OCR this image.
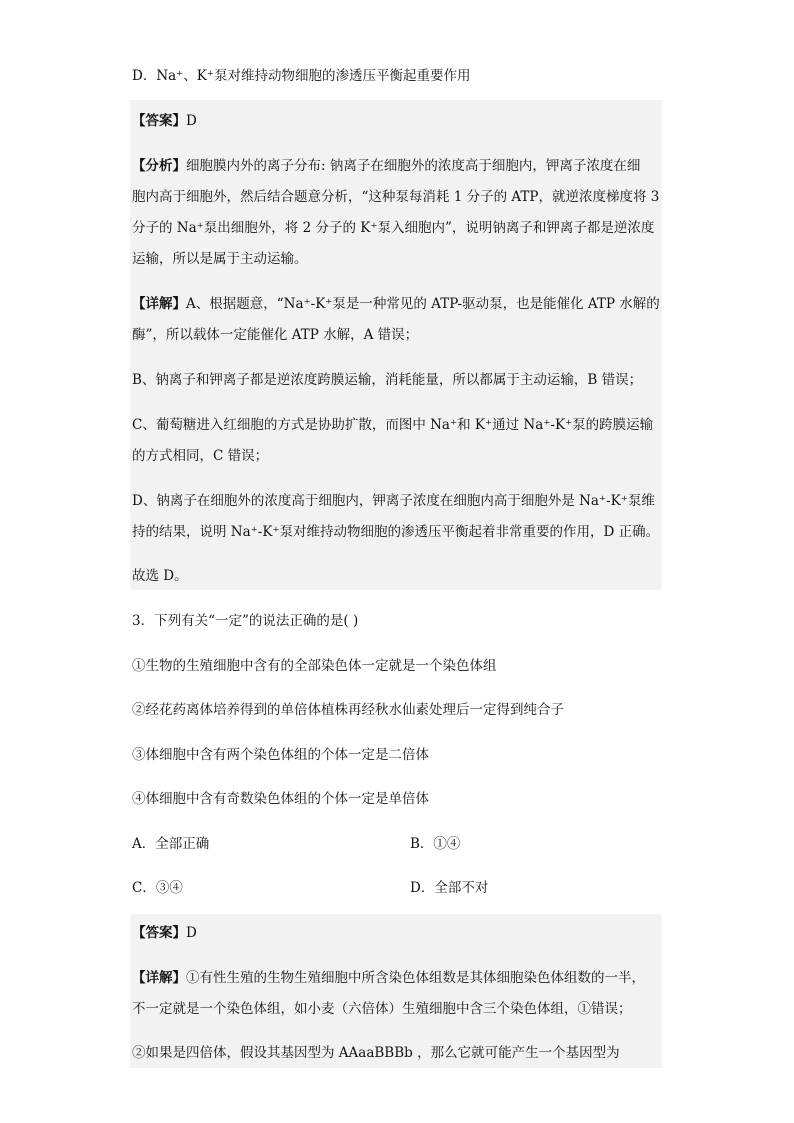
D．Na⁺、K⁺泵对维持动物细胞的渗透压平衡起重要作用
【答案】D
【分析】细胞膜内外的离子分布: 钠离子在细胞外的浓度高于细胞内，钾离子浓度在细
胞内高于细胞外，然后结合题意分析，“这种泵每消耗 1 分子的 ATP，就逆浓度梯度将 3
分子的 Na⁺泵出细胞外，将 2 分子的 K⁺泵入细胞内”，说明钠离子和钾离子都是逆浓度
运输，所以是属于主动运输。
【详解】A、根据题意，“Na⁺-K⁺泵是一种常见的 ATP-驱动泵，也是能催化 ATP 水解的
酶”，所以载体一定能催化 ATP 水解，A 错误；
B、钠离子和钾离子都是逆浓度跨膜运输，消耗能量，所以都属于主动运输，B 错误；
C、葡萄糖进入红细胞的方式是协助扩散，而图中 Na⁺和 K⁺通过 Na⁺-K⁺泵的跨膜运输
的方式相同，C 错误；
D、钠离子在细胞外的浓度高于细胞内，钾离子浓度在细胞内高于细胞外是 Na⁺-K⁺泵维
持的结果，说明 Na⁺-K⁺泵对维持动物细胞的渗透压平衡起着非常重要的作用，D 正确。
故选 D。
3．下列有关“一定”的说法正确的是( )
①生物的生殖细胞中含有的全部染色体一定就是一个染色体组
②经花药离体培养得到的单倍体植株再经秋水仙素处理后一定得到纯合子
③体细胞中含有两个染色体组的个体一定是二倍体
④体细胞中含有奇数染色体组的个体一定是单倍体
A．全部正确	B．①④
C．③④	D．全部不对
【答案】D
【详解】①有性生殖的生物生殖细胞中所含染色体组数是其体细胞染色体组数的一半，
不一定就是一个染色体组，如小麦（六倍体）生殖细胞中含三个染色体组，①错误；
②如果是四倍体，假设其基因型为 AAaaBBBb ，那么它就可能产生一个基因型为
